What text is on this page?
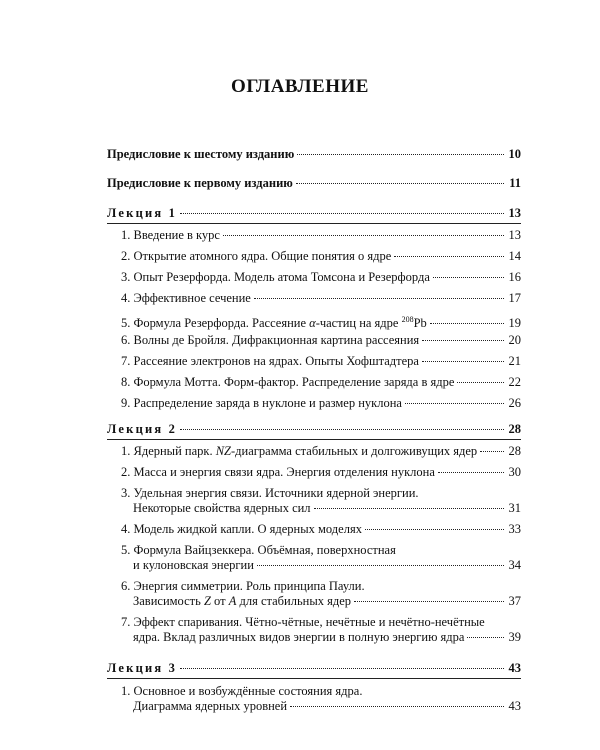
ОГЛАВЛЕНИЕ
Предисловие к шестому изданию	10
Предисловие к первому изданию	11
Лекция 1	13
1. Введение в курс	13
2. Открытие атомного ядра. Общие понятия о ядре	14
3. Опыт Резерфорда. Модель атома Томсона и Резерфорда	16
4. Эффективное сечение	17
5. Формула Резерфорда. Рассеяние α-частиц на ядре $^{208}$Pb	19
6. Волны де Бройля. Дифракционная картина рассеяния	20
7. Рассеяние электронов на ядрах. Опыты Хофштадтера	21
8. Формула Мотта. Форм-фактор. Распределение заряда в ядре	22
9. Распределение заряда в нуклоне и размер нуклона	26
Лекция 2	28
1. Ядерный парк. NZ-диаграмма стабильных и долгоживущих ядер	28
2. Масса и энергия связи ядра. Энергия отделения нуклона	30
3. Удельная энергия связи. Источники ядерной энергии.
Некоторые свойства ядерных сил	31
4. Модель жидкой капли. О ядерных моделях	33
5. Формула Вайцзеккера. Объёмная, поверхностная
и кулоновская энергии	34
6. Энергия симметрии. Роль принципа Паули.
Зависимость Z от A для стабильных ядер	37
7. Эффект спаривания. Чётно-чётные, нечётные и нечётно-нечётные
ядра. Вклад различных видов энергии в полную энергию ядра	39
Лекция 3	43
1. Основное и возбуждённые состояния ядра.
Диаграмма ядерных уровней	43
